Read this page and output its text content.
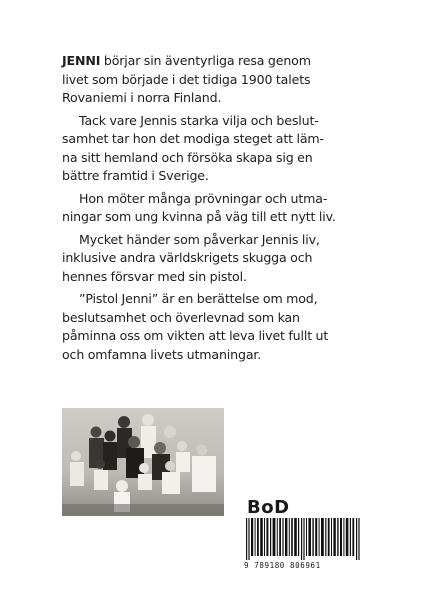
JENNI börjar sin äventyrliga resa genom
livet som började i det tidiga 1900 talets
Rovaniemi i norra Finland.

Tack vare Jennis starka vilja och beslut-
samhet tar hon det modiga steget att läm-
na sitt hemland och försöka skapa sig en
bättre framtid i Sverige.

Hon möter många prövningar och utma-
ningar som ung kvinna på väg till ett nytt liv.

Mycket händer som påverkar Jennis liv,
inklusive andra världskrigets skugga och
hennes försvar med sin pistol.

”Pistol Jenni” är en berättelse om mod,
beslutsamhet och överlevnad som kan
påminna oss om vikten att leva livet fullt ut
och omfamna livets utmaningar.

BoD
9 789180 806961
